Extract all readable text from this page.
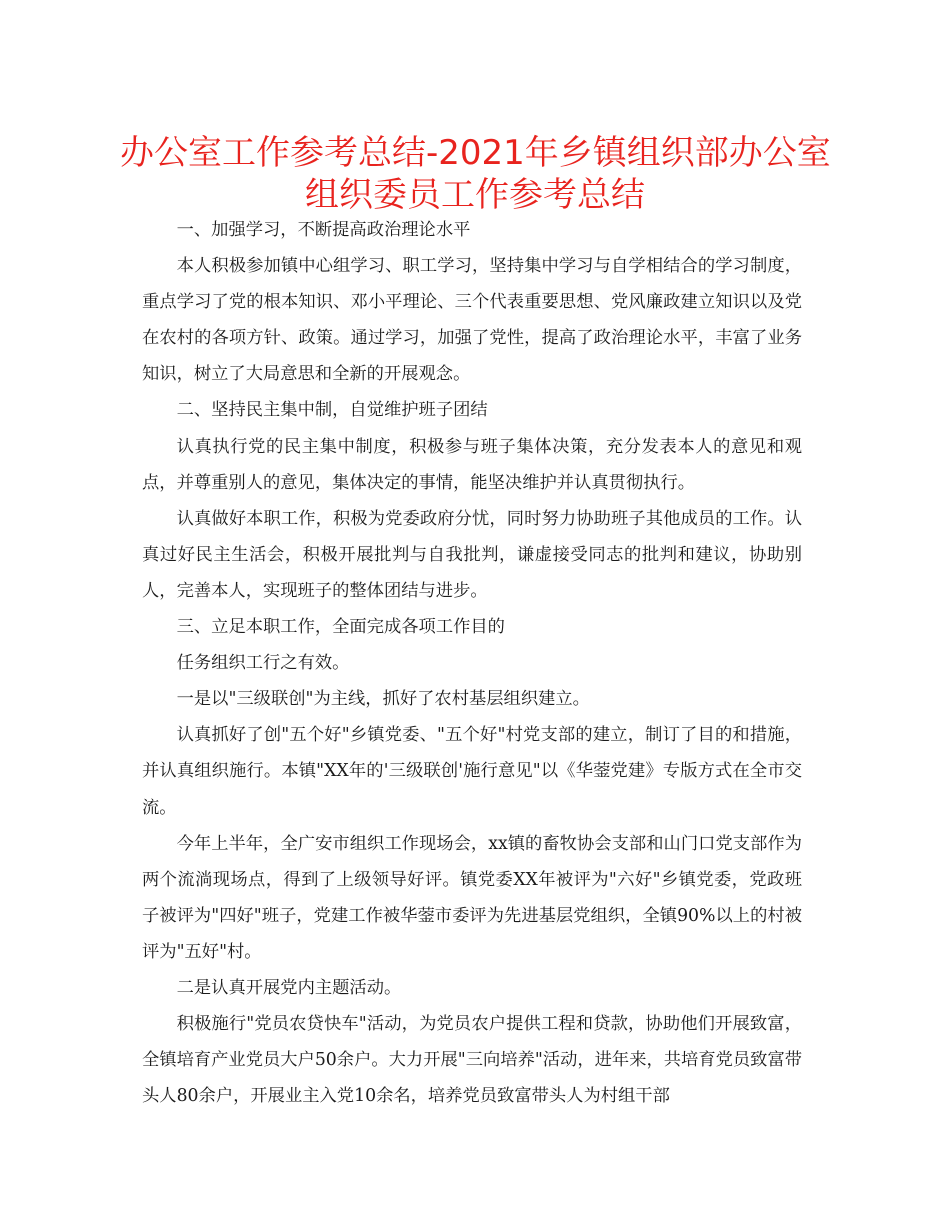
办公室工作参考总结-2021年乡镇组织部办公室
组织委员工作参考总结

一、加强学习，不断提高政治理论水平

本人积极参加镇中心组学习、职工学习，坚持集中学习与自学相结合的学习制度，重点学习了党的根本知识、邓小平理论、三个代表重要思想、党风廉政建立知识以及党在农村的各项方针、政策。通过学习，加强了党性，提高了政治理论水平，丰富了业务知识，树立了大局意思和全新的开展观念。

二、坚持民主集中制，自觉维护班子团结

认真执行党的民主集中制度，积极参与班子集体决策，充分发表本人的意见和观点，并尊重别人的意见，集体决定的事情，能坚决维护并认真贯彻执行。

认真做好本职工作，积极为党委政府分忧，同时努力协助班子其他成员的工作。认真过好民主生活会，积极开展批判与自我批判，谦虚接受同志的批判和建议，协助别人，完善本人，实现班子的整体团结与进步。

三、立足本职工作，全面完成各项工作目的

任务组织工行之有效。

一是以"三级联创"为主线，抓好了农村基层组织建立。

认真抓好了创"五个好"乡镇党委、"五个好"村党支部的建立，制订了目的和措施，并认真组织施行。本镇"XX年的'三级联创'施行意见"以《华蓥党建》专版方式在全市交流。

今年上半年，全广安市组织工作现场会，xx镇的畜牧协会支部和山门口党支部作为两个流淌现场点，得到了上级领导好评。镇党委XX年被评为"六好"乡镇党委，党政班子被评为"四好"班子，党建工作被华蓥市委评为先进基层党组织，全镇90%以上的村被评为"五好"村。

二是认真开展党内主题活动。

积极施行"党员农贷快车"活动，为党员农户提供工程和贷款，协助他们开展致富，全镇培育产业党员大户50余户。大力开展"三向培养"活动，进年来，共培育党员致富带头人80余户，开展业主入党10余名，培养党员致富带头人为村组干部
